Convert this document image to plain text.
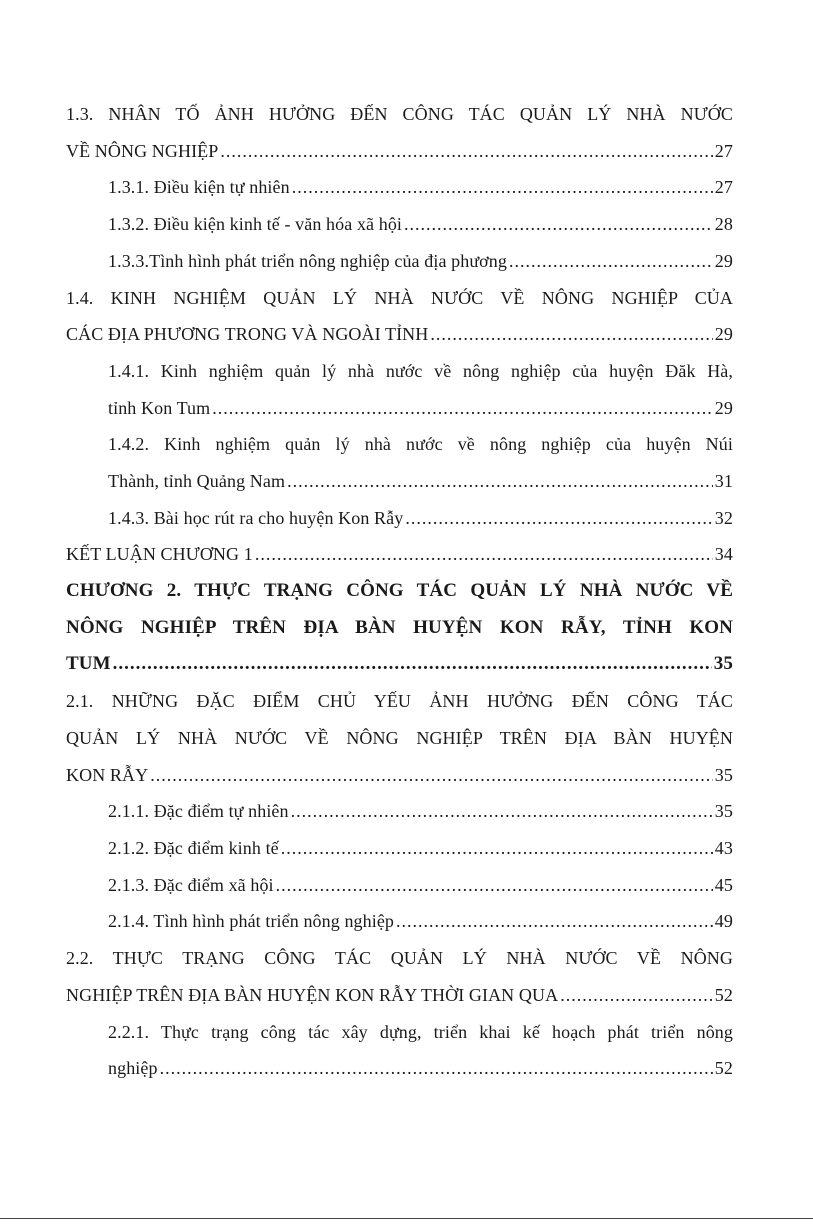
1.3. NHÂN TỐ ẢNH HƯỞNG ĐẾN CÔNG TÁC QUẢN LÝ NHÀ NƯỚC
VỀ NÔNG NGHIỆP .....	27
1.3.1. Điều kiện tự nhiên .....	27
1.3.2. Điều kiện kinh tế - văn hóa xã hội .....	28
1.3.3.Tình hình phát triển nông nghiệp của địa phương .....	29
1.4. KINH NGHIỆM QUẢN LÝ NHÀ NƯỚC VỀ NÔNG NGHIỆP CỦA
CÁC ĐỊA PHƯƠNG TRONG VÀ NGOÀI TỈNH .....	29
1.4.1. Kinh nghiệm quản lý nhà nước về nông nghiệp của huyện Đăk Hà,
tỉnh Kon Tum .....	29
1.4.2. Kinh nghiệm quản lý nhà nước về nông nghiệp của huyện Núi
Thành, tỉnh Quảng Nam .....	31
1.4.3. Bài học rút ra cho huyện Kon Rẫy .....	32
KẾT LUẬN CHƯƠNG 1 .....	34
CHƯƠNG 2. THỰC TRẠNG CÔNG TÁC QUẢN LÝ NHÀ NƯỚC VỀ
NÔNG NGHIỆP TRÊN ĐỊA BÀN HUYỆN KON RẪY, TỈNH KON
TUM .....	35
2.1. NHỮNG ĐẶC ĐIỂM CHỦ YẾU ẢNH HƯỞNG ĐẾN CÔNG TÁC
QUẢN LÝ NHÀ NƯỚC VỀ NÔNG NGHIỆP TRÊN ĐỊA BÀN HUYỆN
KON RẪY .....	35
2.1.1. Đặc điểm tự nhiên .....	35
2.1.2. Đặc điểm kinh tế .....	43
2.1.3. Đặc điểm xã hội .....	45
2.1.4. Tình hình phát triển nông nghiệp .....	49
2.2. THỰC TRẠNG CÔNG TÁC QUẢN LÝ NHÀ NƯỚC VỀ NÔNG
NGHIỆP TRÊN ĐỊA BÀN HUYỆN KON RẪY THỜI GIAN QUA .....	52
2.2.1. Thực trạng công tác xây dựng, triển khai kế hoạch phát triển nông
nghiệp .....	52
